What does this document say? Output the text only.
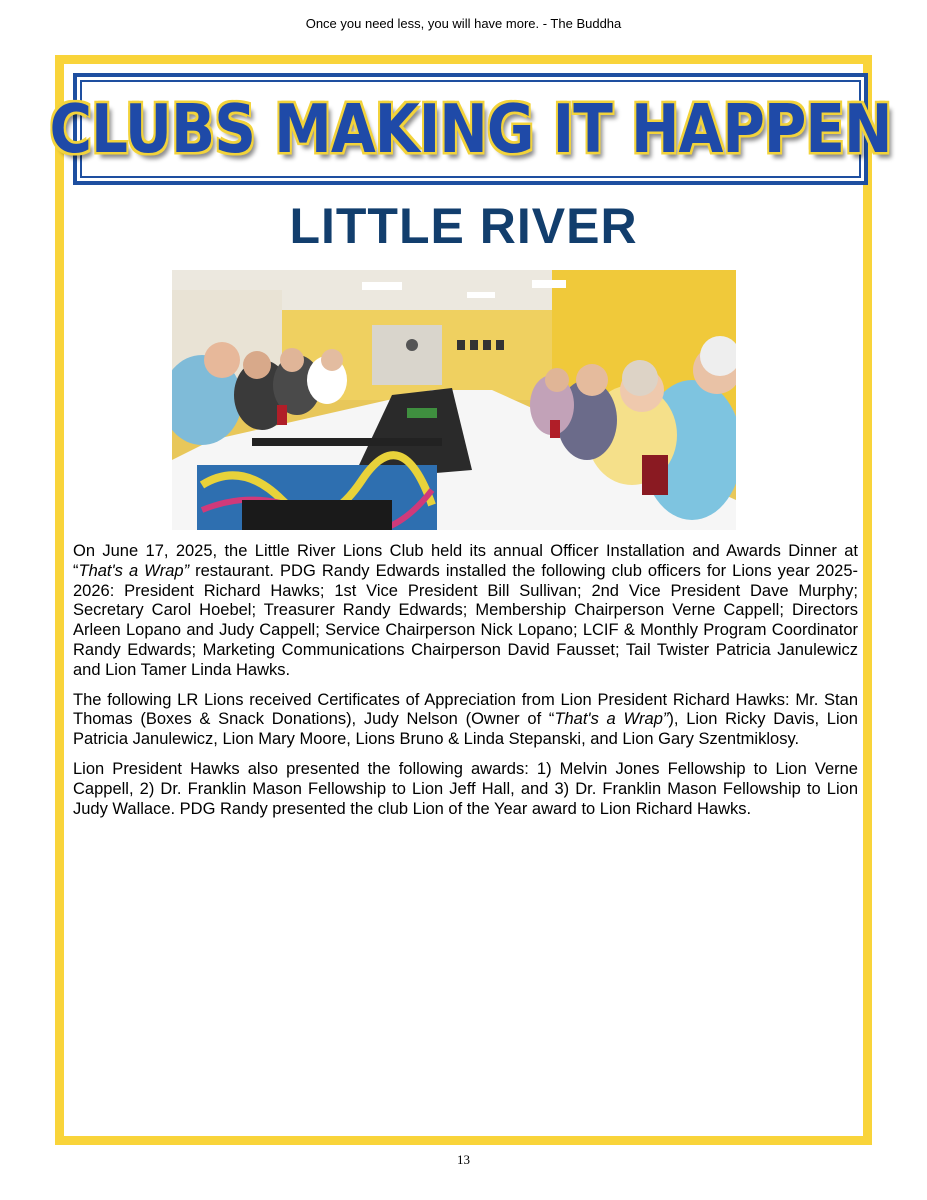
Once you need less, you will have more. - The Buddha
CLUBS MAKING IT HAPPEN
LITTLE RIVER

On June 17, 2025, the Little River Lions Club held its annual Officer Installation and Awards Dinner at “That's a Wrap” restaurant. PDG Randy Edwards installed the following club officers for Lions year 2025-2026: President Richard Hawks; 1st Vice President Bill Sullivan; 2nd Vice President Dave Murphy; Secretary Carol Hoebel; Treasurer Randy Edwards; Membership Chairperson Verne Cappell; Directors Arleen Lopano and Judy Cappell; Service Chairperson Nick Lopano; LCIF & Monthly Program Coordinator Randy Edwards; Marketing Communications Chairperson David Fausset; Tail Twister Patricia Janulewicz and Lion Tamer Linda Hawks.

The following LR Lions received Certificates of Appreciation from Lion President Richard Hawks: Mr. Stan Thomas (Boxes & Snack Donations), Judy Nelson (Owner of “That's a Wrap”), Lion Ricky Davis, Lion Patricia Janulewicz, Lion Mary Moore, Lions Bruno & Linda Stepanski, and Lion Gary Szentmiklosy.

Lion President Hawks also presented the following awards: 1) Melvin Jones Fellowship to Lion Verne Cappell, 2) Dr. Franklin Mason Fellowship to Lion Jeff Hall, and 3) Dr. Franklin Mason Fellowship to Lion Judy Wallace. PDG Randy presented the club Lion of the Year award to Lion Richard Hawks.

13
